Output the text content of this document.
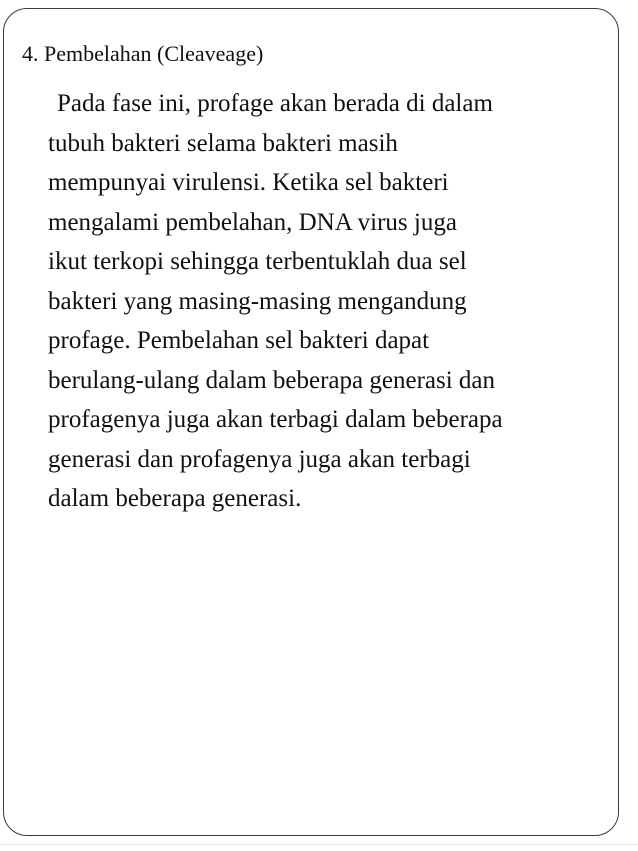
4. Pembelahan (Cleaveage)
Pada fase ini, profage akan berada di dalam
tubuh bakteri selama bakteri masih
mempunyai virulensi. Ketika sel bakteri
mengalami pembelahan, DNA virus juga
ikut terkopi sehingga terbentuklah dua sel
bakteri yang masing-masing mengandung
profage. Pembelahan sel bakteri dapat
berulang-ulang dalam beberapa generasi dan
profagenya juga akan terbagi dalam beberapa
generasi dan profagenya juga akan terbagi
dalam beberapa generasi.
